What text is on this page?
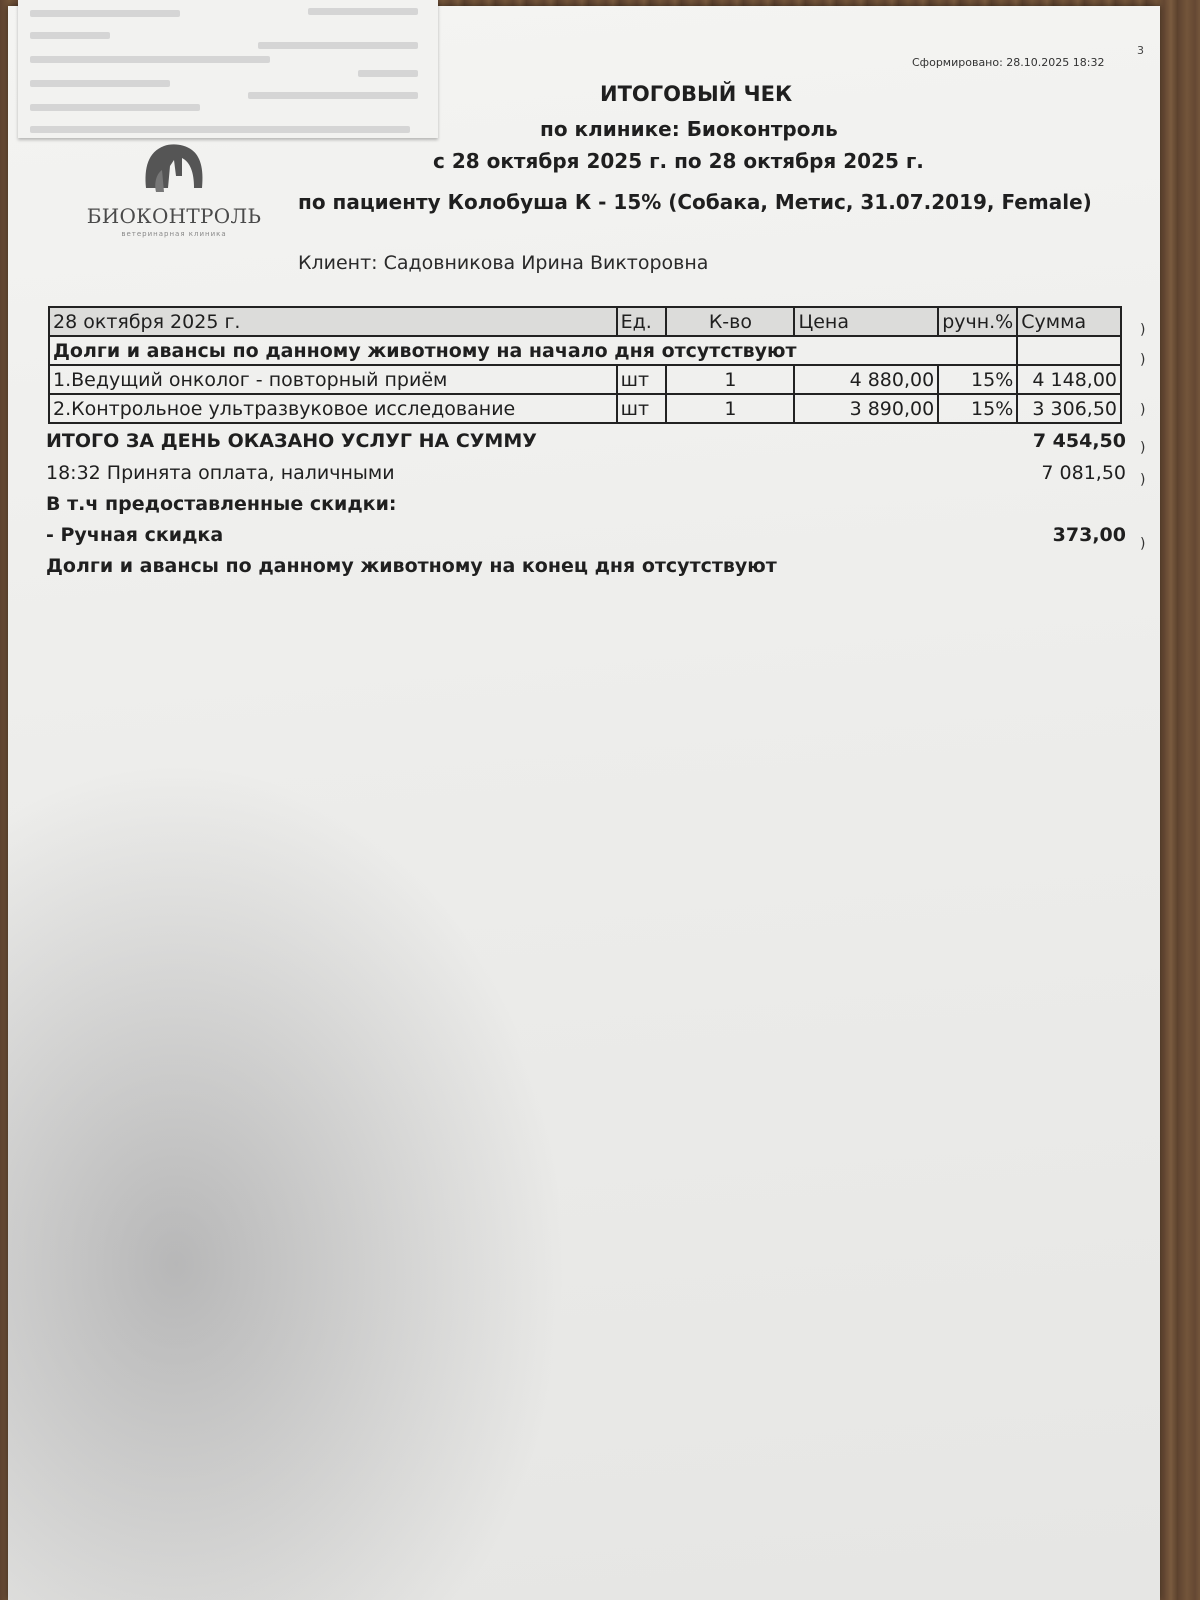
Сформировано: 28.10.2025 18:32
3
БИОКОНТРОЛЬ
ветеринарная клиника
ИТОГОВЫЙ ЧЕК
по клинике: Биоконтроль
с 28 октября 2025 г. по 28 октября 2025 г.
по пациенту Колобуша К - 15% (Собака, Метис, 31.07.2019, Female)
Клиент: Садовникова Ирина Викторовна
28 октября 2025 г.	Ед.	К-во	Цена	ручн.%	Сумма
Долги и авансы по данному животному на начало дня отсутствуют					
1.Ведущий онколог - повторный приём	шт	1	4 880,00	15%	4 148,00
2.Контрольное ультразвуковое исследование	шт	1	3 890,00	15%	3 306,50
ИТОГО ЗА ДЕНЬ ОКАЗАНО УСЛУГ НА СУММУ	7 454,50
18:32 Принята оплата, наличными	7 081,50
В т.ч предоставленные скидки:
- Ручная скидка	373,00
Долги и авансы по данному животному на конец дня отсутствуют
)
)
)
)
)
)
